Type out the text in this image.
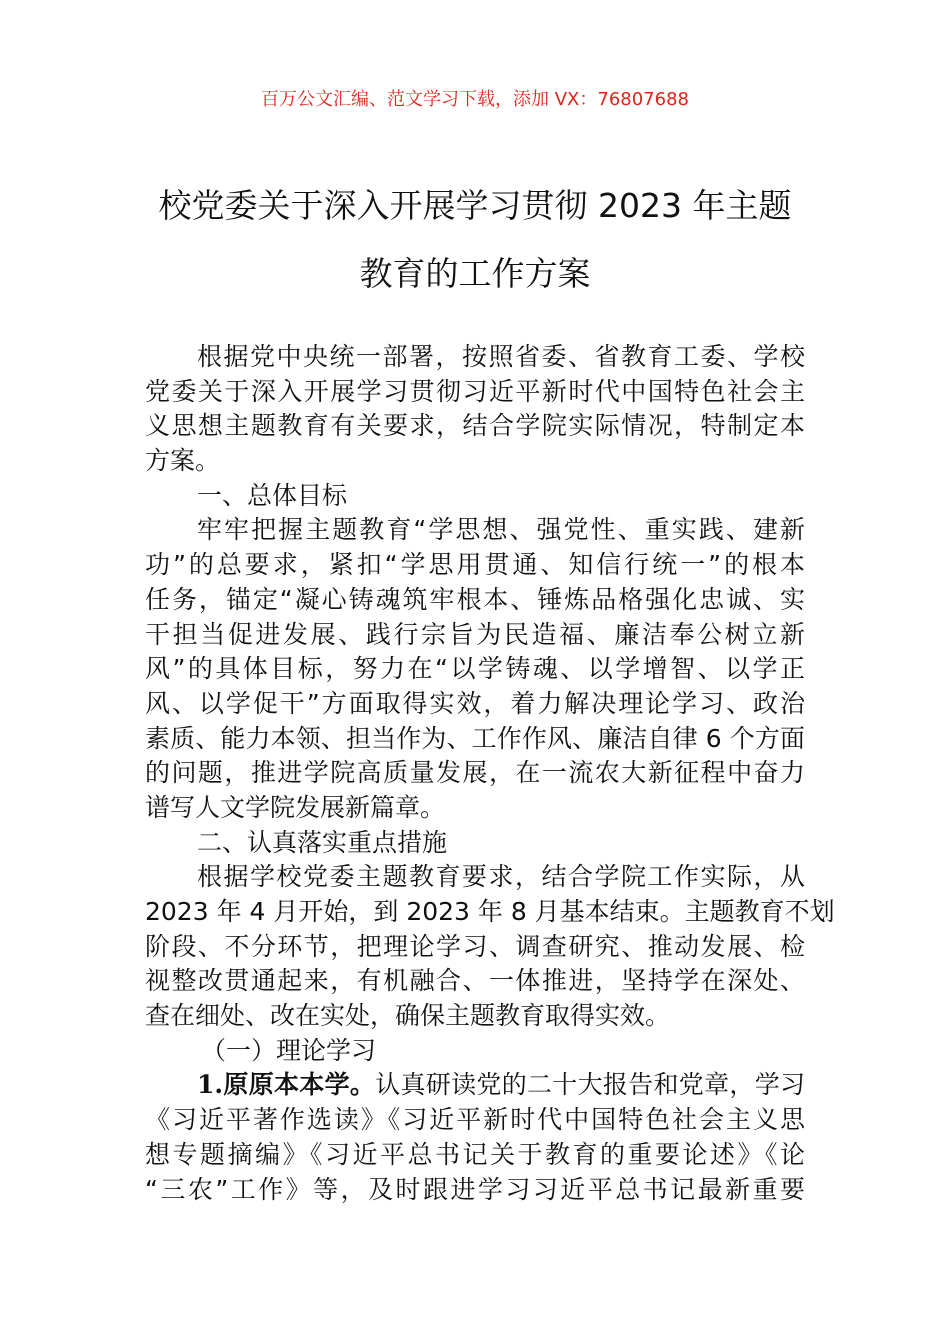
百万公文汇编、范文学习下载，添加 VX：76807688
校党委关于深入开展学习贯彻 2023 年主题
教育的工作方案
根据党中央统一部署，按照省委、省教育工委、学校
党委关于深入开展学习贯彻习近平新时代中国特色社会主
义思想主题教育有关要求，结合学院实际情况，特制定本
方案。
一、总体目标
牢牢把握主题教育“学思想、强党性、重实践、建新
功”的总要求，紧扣“学思用贯通、知信行统一”的根本
任务，锚定“凝心铸魂筑牢根本、锤炼品格强化忠诚、实
干担当促进发展、践行宗旨为民造福、廉洁奉公树立新
风”的具体目标，努力在“以学铸魂、以学增智、以学正
风、以学促干”方面取得实效，着力解决理论学习、政治
素质、能力本领、担当作为、工作作风、廉洁自律 6 个方面
的问题，推进学院高质量发展，在一流农大新征程中奋力
谱写人文学院发展新篇章。
二、认真落实重点措施
根据学校党委主题教育要求，结合学院工作实际，从
2023 年 4 月开始，到 2023 年 8 月基本结束。主题教育不划
阶段、不分环节，把理论学习、调查研究、推动发展、检
视整改贯通起来，有机融合、一体推进，坚持学在深处、
查在细处、改在实处，确保主题教育取得实效。
（一）理论学习
1.原原本本学。认真研读党的二十大报告和党章，学习
《习近平著作选读》《习近平新时代中国特色社会主义思
想专题摘编》《习近平总书记关于教育的重要论述》《论
“三农”工作》等，及时跟进学习习近平总书记最新重要
